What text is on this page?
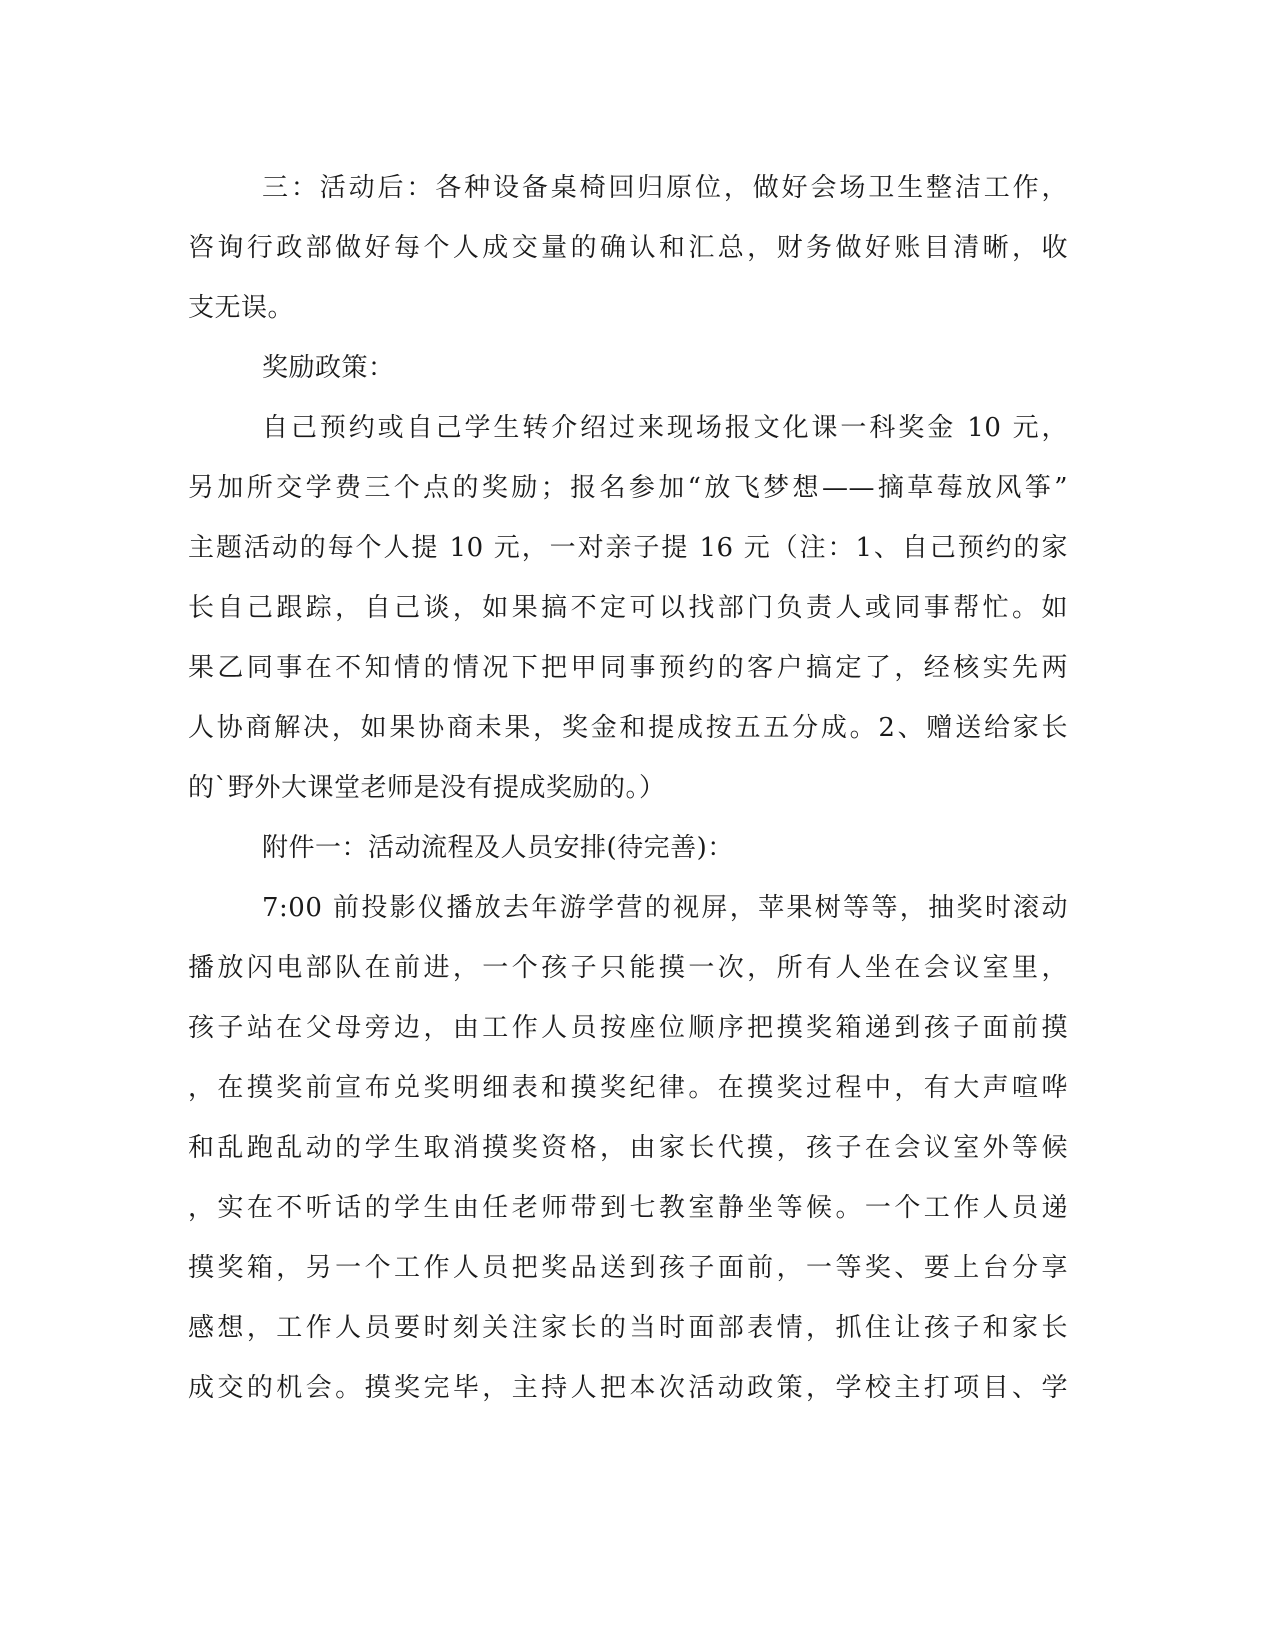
三：活动后：各种设备桌椅回归原位，做好会场卫生整洁工作，
咨询行政部做好每个人成交量的确认和汇总，财务做好账目清晰，收
支无误。
奖励政策：
自己预约或自己学生转介绍过来现场报文化课一科奖金 10 元，
另加所交学费三个点的奖励；报名参加“放飞梦想——摘草莓放风筝”
主题活动的每个人提 10 元，一对亲子提 16 元（注：1、自己预约的家
长自己跟踪，自己谈，如果搞不定可以找部门负责人或同事帮忙。如
果乙同事在不知情的情况下把甲同事预约的客户搞定了，经核实先两
人协商解决，如果协商未果，奖金和提成按五五分成。2、赠送给家长
的`野外大课堂老师是没有提成奖励的。）
附件一：活动流程及人员安排(待完善)：
7:00 前投影仪播放去年游学营的视屏，苹果树等等，抽奖时滚动
播放闪电部队在前进，一个孩子只能摸一次，所有人坐在会议室里，
孩子站在父母旁边，由工作人员按座位顺序把摸奖箱递到孩子面前摸
，在摸奖前宣布兑奖明细表和摸奖纪律。在摸奖过程中，有大声喧哗
和乱跑乱动的学生取消摸奖资格，由家长代摸，孩子在会议室外等候
，实在不听话的学生由任老师带到七教室静坐等候。一个工作人员递
摸奖箱，另一个工作人员把奖品送到孩子面前，一等奖、要上台分享
感想，工作人员要时刻关注家长的当时面部表情，抓住让孩子和家长
成交的机会。摸奖完毕，主持人把本次活动政策，学校主打项目、学
